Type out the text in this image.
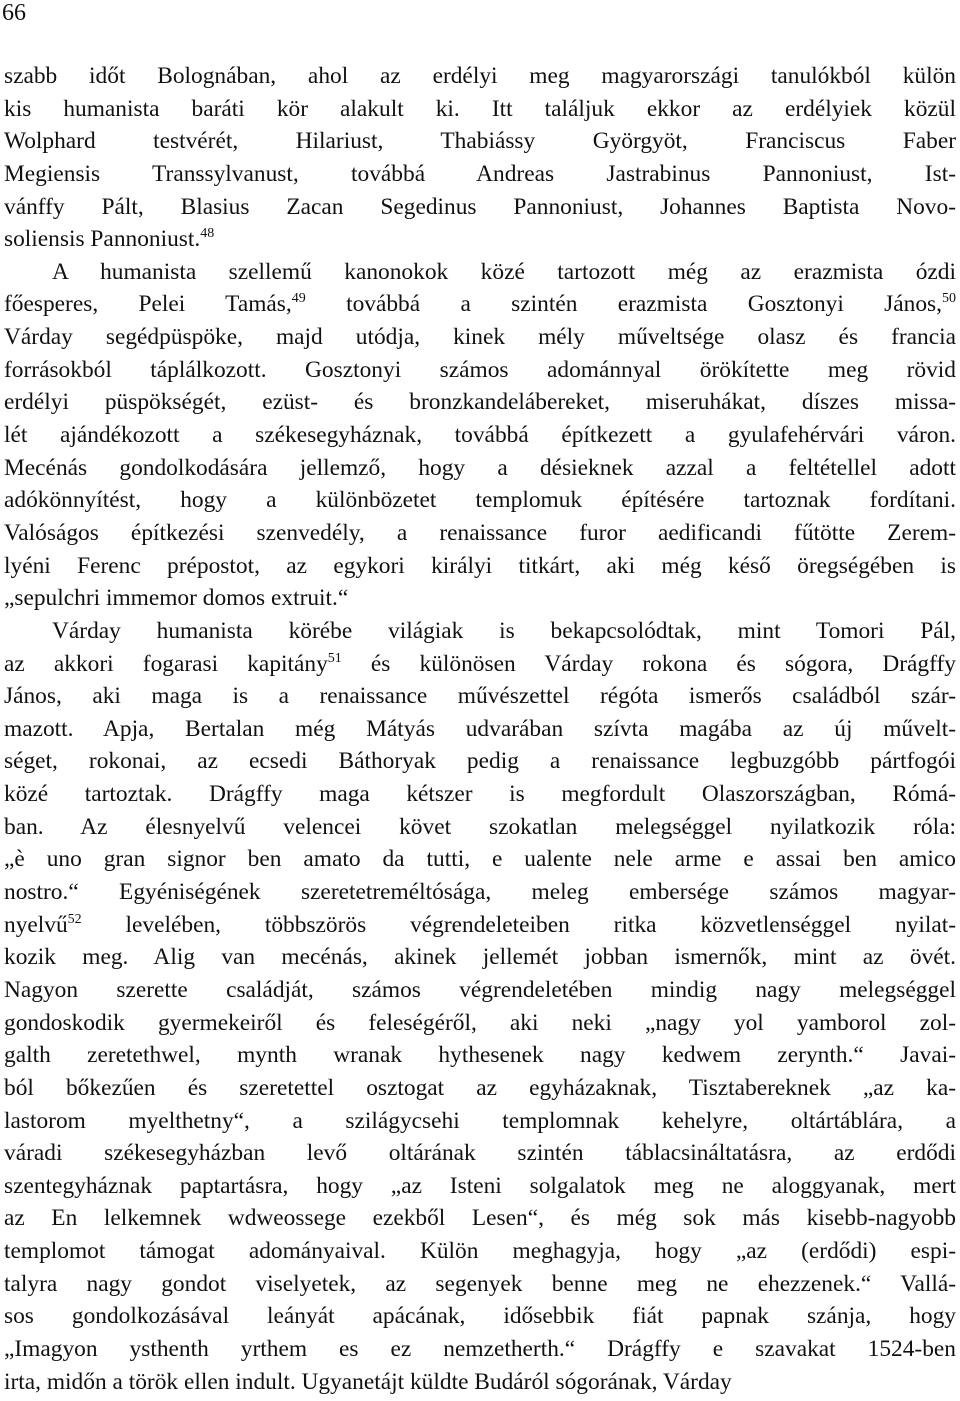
66
szabb időt Bolognában, ahol az erdélyi meg magyarországi tanulókból külön
kis humanista baráti kör alakult ki. Itt találjuk ekkor az erdélyiek közül
Wolphard testvérét, Hilariust, Thabiássy Györgyöt, Franciscus Faber
Megiensis Transsylvanust, továbbá Andreas Jastrabinus Pannoniust, Ist-
vánffy Pált, Blasius Zacan Segedinus Pannoniust, Johannes Baptista Novo-
soliensis Pannoniust.$^{48}$
A humanista szellemű kanonokok közé tartozott még az erazmista ózdi
főesperes, Pelei Tamás,$^{49}$ továbbá a szintén erazmista Gosztonyi János,$^{50}$
Várday segédpüspöke, majd utódja, kinek mély műveltsége olasz és francia
forrásokból táplálkozott. Gosztonyi számos adománnyal örökítette meg rövid
erdélyi püspökségét, ezüst- és bronzkandelábereket, miseruhákat, díszes missa-
lét ajándékozott a székesegyháznak, továbbá építkezett a gyulafehérvári váron.
Mecénás gondolkodására jellemző, hogy a désieknek azzal a feltétellel adott
adókönnyítést, hogy a különbözetet templomuk építésére tartoznak fordítani.
Valóságos építkezési szenvedély, a renaissance furor aedificandi fűtötte Zerem-
lyéni Ferenc prépostot, az egykori királyi titkárt, aki még késő öregségében is
„sepulchri immemor domos extruit.“
Várday humanista körébe világiak is bekapcsolódtak, mint Tomori Pál,
az akkori fogarasi kapitány$^{51}$ és különösen Várday rokona és sógora, Drágffy
János, aki maga is a renaissance művészettel régóta ismerős családból szár-
mazott. Apja, Bertalan még Mátyás udvarában szívta magába az új művelt-
séget, rokonai, az ecsedi Báthoryak pedig a renaissance legbuzgóbb pártfogói
közé tartoztak. Drágffy maga kétszer is megfordult Olaszországban, Rómá-
ban. Az élesnyelvű velencei követ szokatlan melegséggel nyilatkozik róla:
„è uno gran signor ben amato da tutti, e ualente nele arme e assai ben amico
nostro.“ Egyéniségének szeretetreméltósága, meleg embersége számos magyar-
nyelvű$^{52}$ levelében, többszörös végrendeleteiben ritka közvetlenséggel nyilat-
kozik meg. Alig van mecénás, akinek jellemét jobban ismernők, mint az övét.
Nagyon szerette családját, számos végrendeletében mindig nagy melegséggel
gondoskodik gyermekeiről és feleségéről, aki neki „nagy yol yamborol zol-
galth zeretethwel, mynth wranak hythesenek nagy kedwem zerynth.“ Javai-
ból bőkezűen és szeretettel osztogat az egyházaknak, Tisztabereknek „az ka-
lastorom myelthetny“, a szilágycsehi templomnak kehelyre, oltártáblára, a
váradi székesegyházban levő oltárának szintén táblacsináltatásra, az erdődi
szentegyháznak paptartásra, hogy „az Isteni solgalatok meg ne aloggyanak, mert
az En lelkemnek wdweossege ezekből Lesen“, és még sok más kisebb-nagyobb
templomot támogat adományaival. Külön meghagyja, hogy „az (erdődi) espi-
talyra nagy gondot viselyetek, az segenyek benne meg ne ehezzenek.“ Vallá-
sos gondolkozásával leányát apácának, idősebbik fiát papnak szánja, hogy
„Imagyon ysthenth yrthem es ez nemzetherth.“ Drágffy e szavakat 1524-ben
irta, midőn a török ellen indult. Ugyanetájt küldte Budáról sógorának, Várday
